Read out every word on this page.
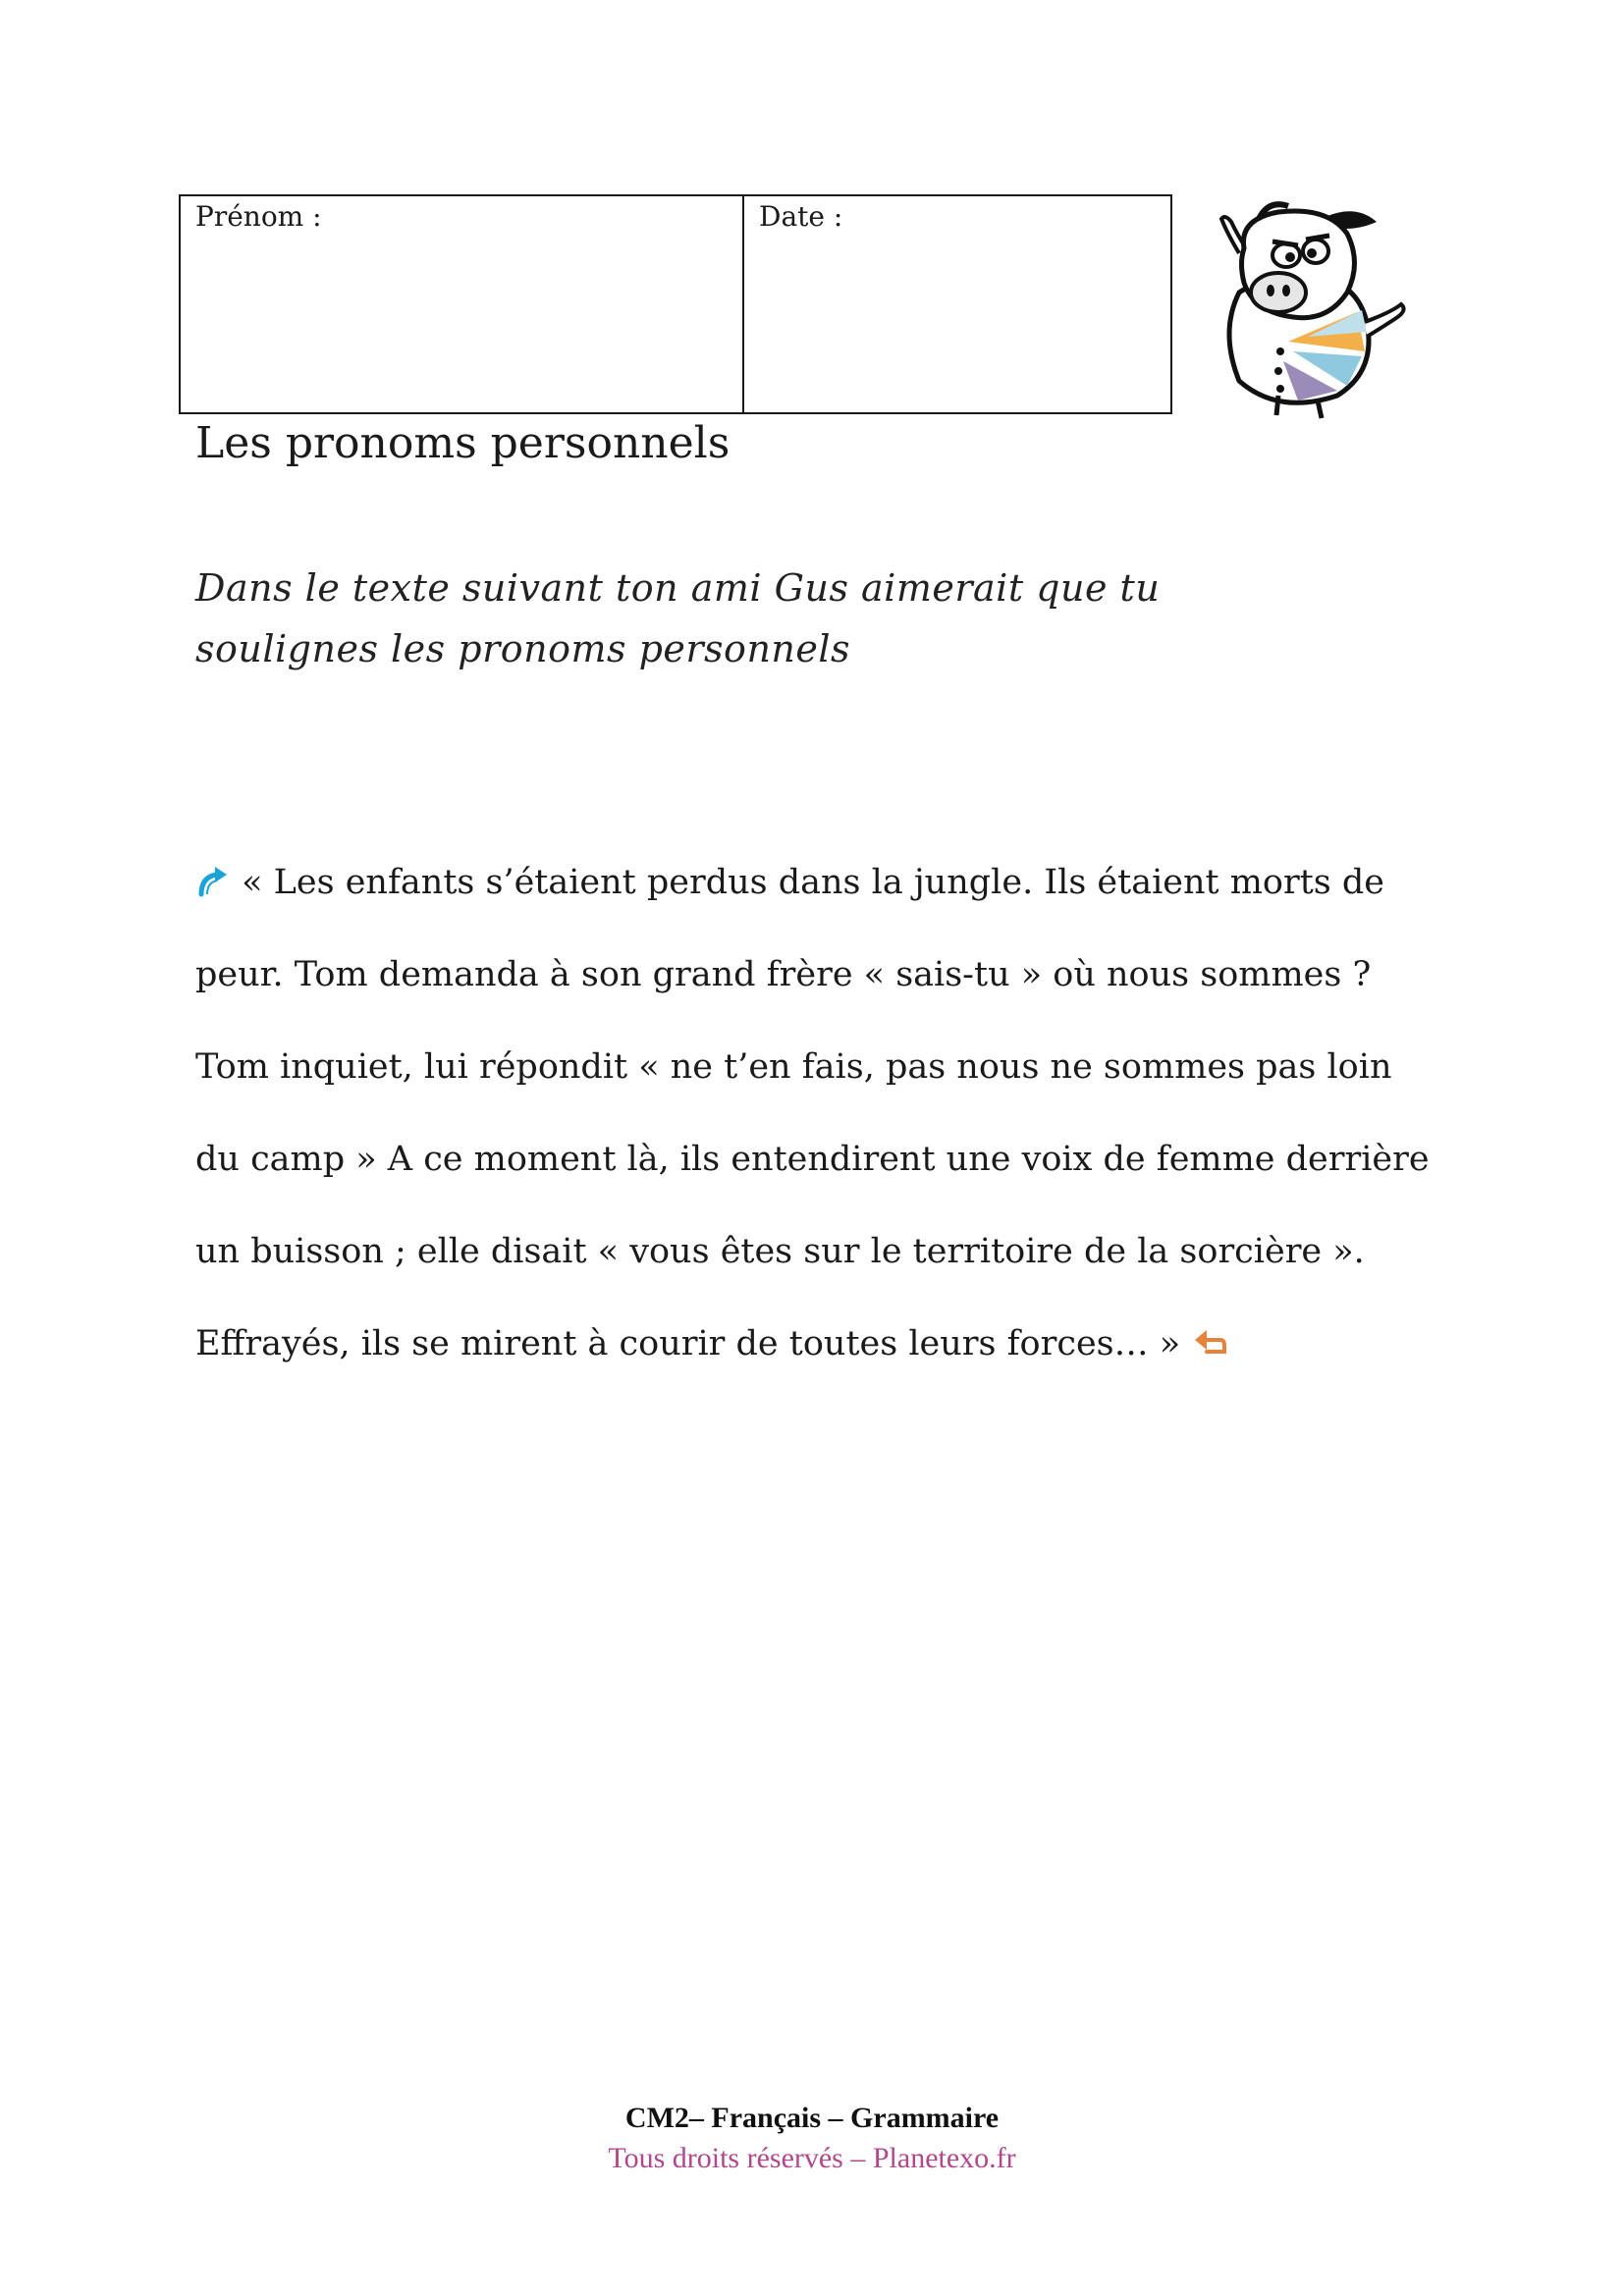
Prénom :	Date :
Les pronoms personnels
Dans le texte suivant ton ami Gus aimerait que tu
soulignes les pronoms personnels
« Les enfants s’étaient perdus dans la jungle. Ils étaient morts de
peur. Tom demanda à son grand frère « sais-tu » où nous sommes ?
Tom inquiet, lui répondit « ne t’en fais, pas nous ne sommes pas loin
du camp » A ce moment là, ils entendirent une voix de femme derrière
un buisson ; elle disait « vous êtes sur le territoire de la sorcière ».
Effrayés, ils se mirent à courir de toutes leurs forces… »
CM2– Français – Grammaire
Tous droits réservés – Planetexo.fr
